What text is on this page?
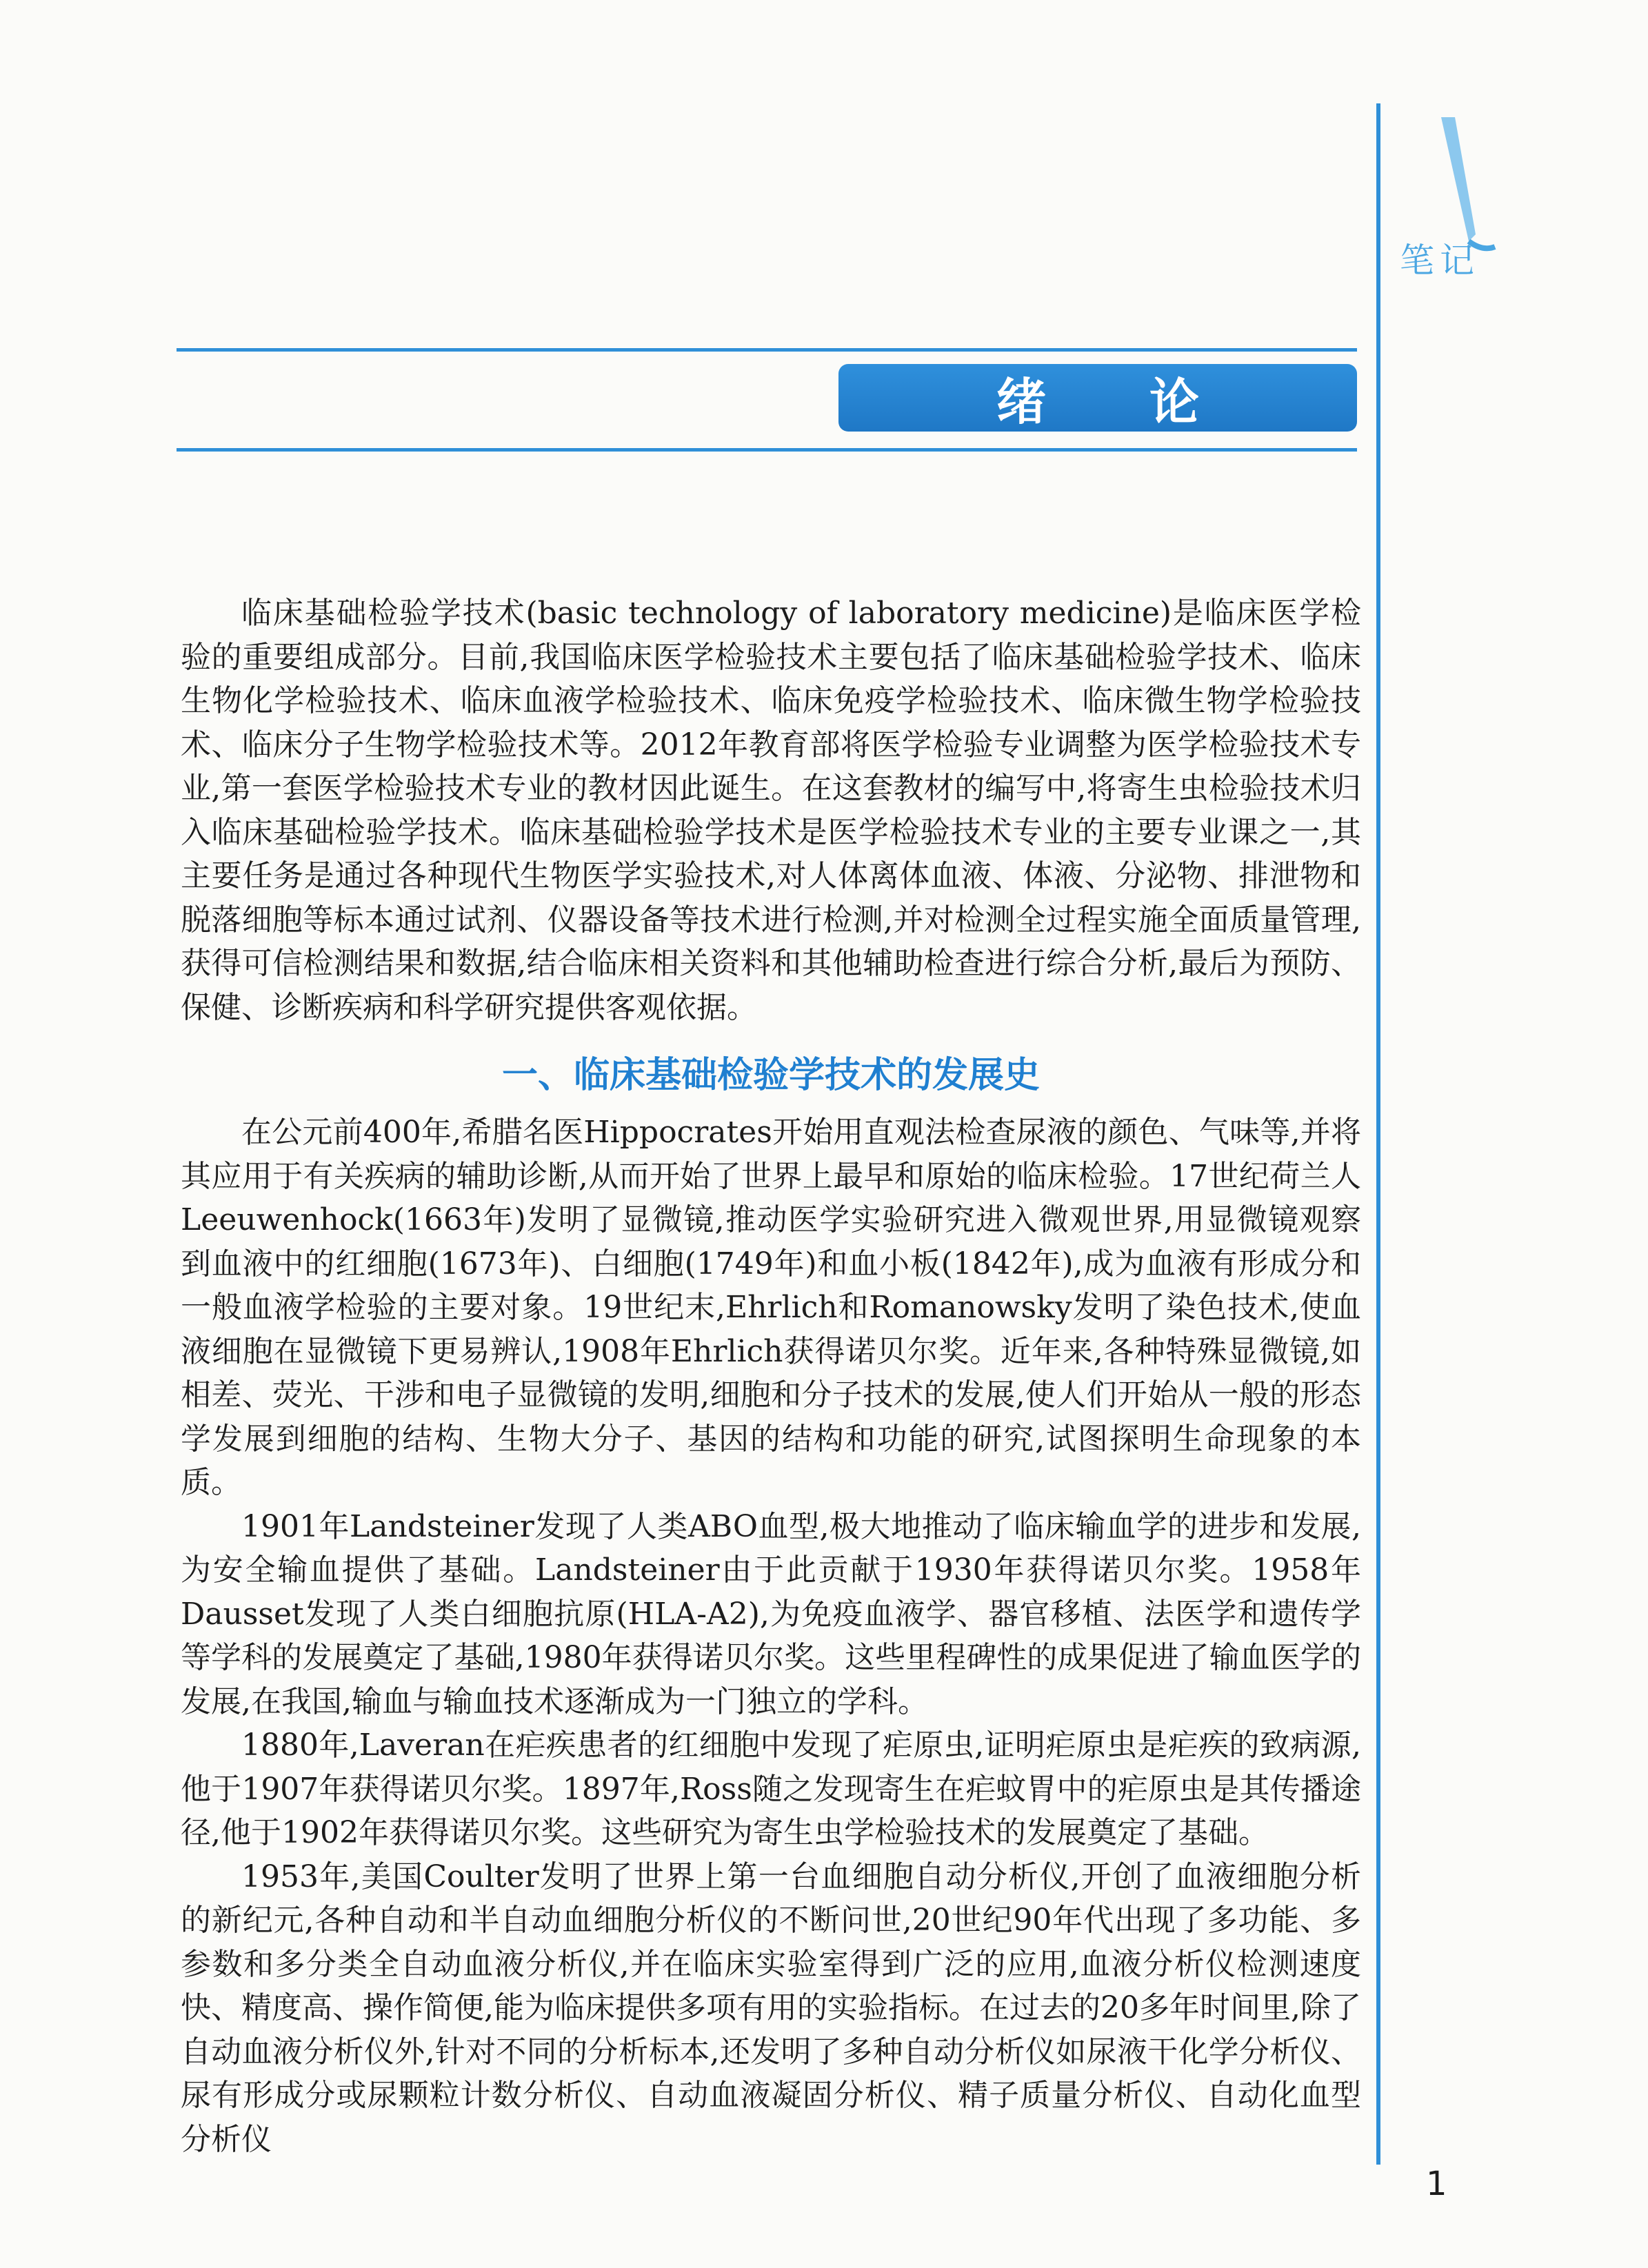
笔记
绪论

临床基础检验学技术(basic technology of laboratory medicine)是临床医学检验的重要组成部分。目前,我国临床医学检验技术主要包括了临床基础检验学技术、临床生物化学检验技术、临床血液学检验技术、临床免疫学检验技术、临床微生物学检验技术、临床分子生物学检验技术等。2012年教育部将医学检验专业调整为医学检验技术专业,第一套医学检验技术专业的教材因此诞生。在这套教材的编写中,将寄生虫检验技术归入临床基础检验学技术。临床基础检验学技术是医学检验技术专业的主要专业课之一,其主要任务是通过各种现代生物医学实验技术,对人体离体血液、体液、分泌物、排泄物和脱落细胞等标本通过试剂、仪器设备等技术进行检测,并对检测全过程实施全面质量管理,获得可信检测结果和数据,结合临床相关资料和其他辅助检查进行综合分析,最后为预防、保健、诊断疾病和科学研究提供客观依据。

一、临床基础检验学技术的发展史

在公元前400年,希腊名医Hippocrates开始用直观法检查尿液的颜色、气味等,并将其应用于有关疾病的辅助诊断,从而开始了世界上最早和原始的临床检验。17世纪荷兰人Leeuwenhock(1663年)发明了显微镜,推动医学实验研究进入微观世界,用显微镜观察到血液中的红细胞(1673年)、白细胞(1749年)和血小板(1842年),成为血液有形成分和一般血液学检验的主要对象。19世纪末,Ehrlich和Romanowsky发明了染色技术,使血液细胞在显微镜下更易辨认,1908年Ehrlich获得诺贝尔奖。近年来,各种特殊显微镜,如相差、荧光、干涉和电子显微镜的发明,细胞和分子技术的发展,使人们开始从一般的形态学发展到细胞的结构、生物大分子、基因的结构和功能的研究,试图探明生命现象的本质。

1901年Landsteiner发现了人类ABO血型,极大地推动了临床输血学的进步和发展,为安全输血提供了基础。Landsteiner由于此贡献于1930年获得诺贝尔奖。1958年Dausset发现了人类白细胞抗原(HLA-A2),为免疫血液学、器官移植、法医学和遗传学等学科的发展奠定了基础,1980年获得诺贝尔奖。这些里程碑性的成果促进了输血医学的发展,在我国,输血与输血技术逐渐成为一门独立的学科。

1880年,Laveran在疟疾患者的红细胞中发现了疟原虫,证明疟原虫是疟疾的致病源,他于1907年获得诺贝尔奖。1897年,Ross随之发现寄生在疟蚊胃中的疟原虫是其传播途径,他于1902年获得诺贝尔奖。这些研究为寄生虫学检验技术的发展奠定了基础。

1953年,美国Coulter发明了世界上第一台血细胞自动分析仪,开创了血液细胞分析的新纪元,各种自动和半自动血细胞分析仪的不断问世,20世纪90年代出现了多功能、多参数和多分类全自动血液分析仪,并在临床实验室得到广泛的应用,血液分析仪检测速度快、精度高、操作简便,能为临床提供多项有用的实验指标。在过去的20多年时间里,除了自动血液分析仪外,针对不同的分析标本,还发明了多种自动分析仪如尿液干化学分析仪、尿有形成分或尿颗粒计数分析仪、自动血液凝固分析仪、精子质量分析仪、自动化血型分析仪

1
